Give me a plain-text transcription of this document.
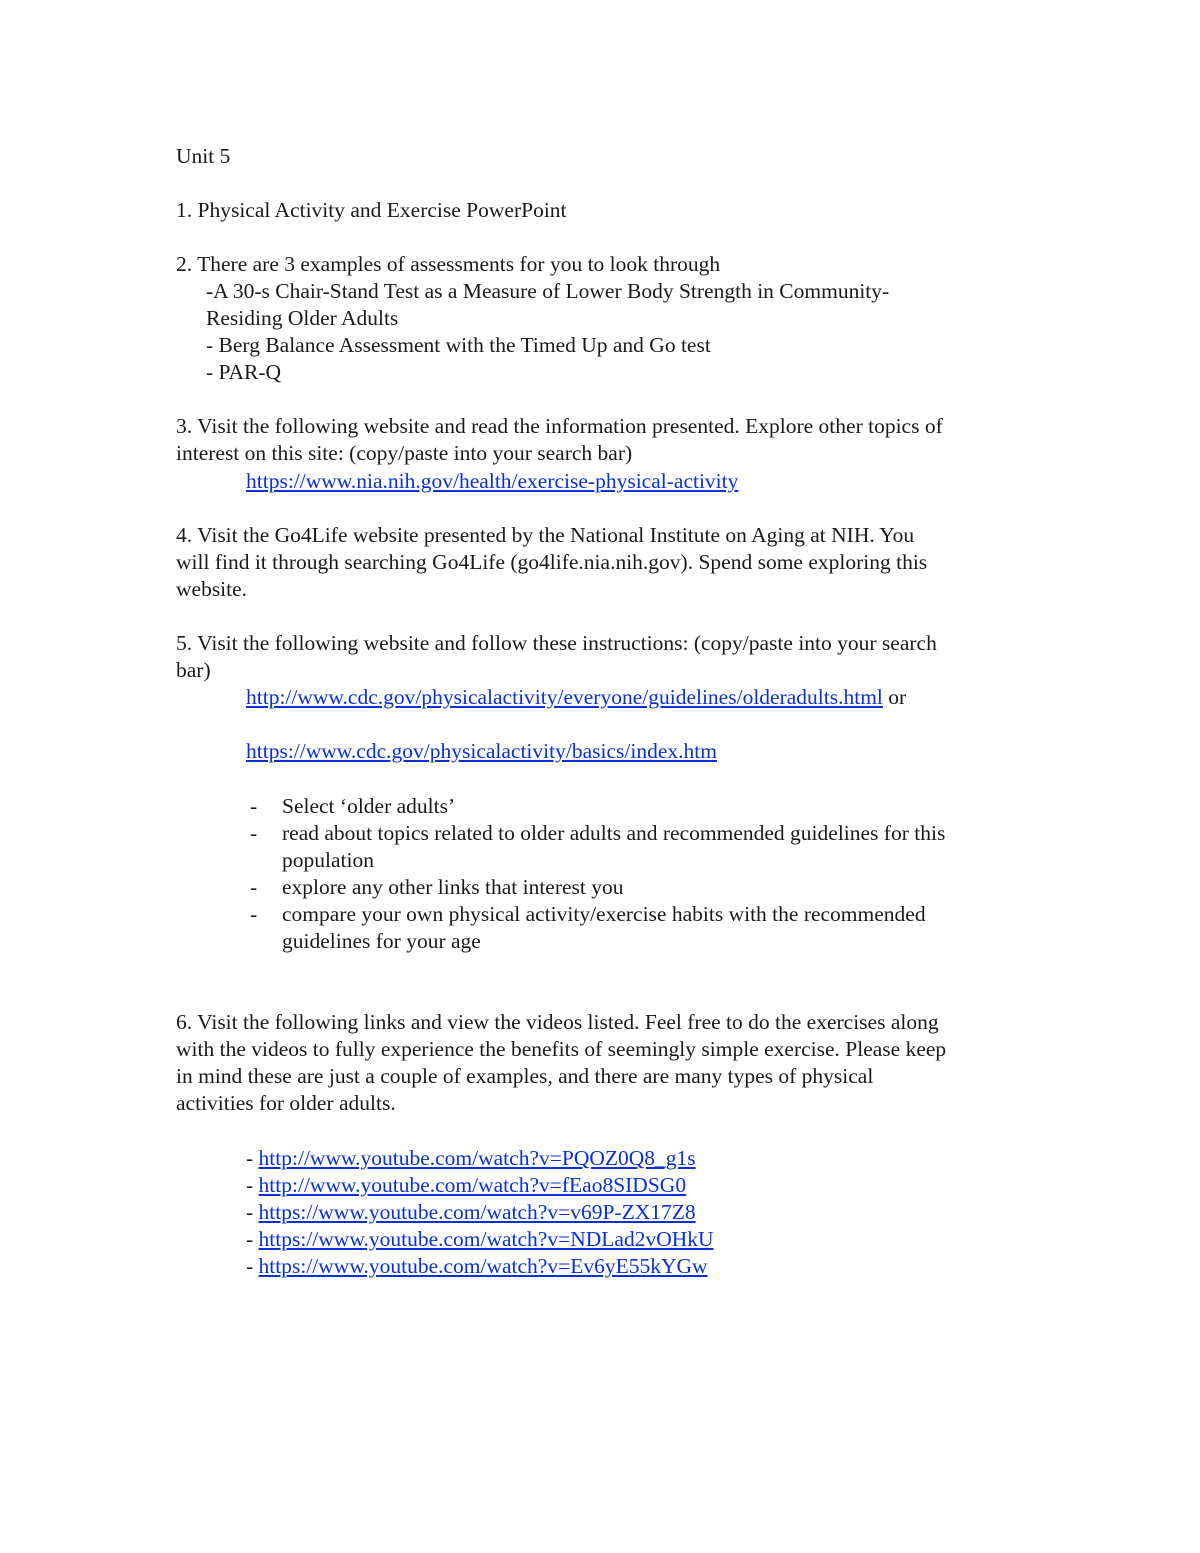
Unit 5
1. Physical Activity and Exercise PowerPoint
2. There are 3 examples of assessments for you to look through
-A 30-s Chair-Stand Test as a Measure of Lower Body Strength in Community-
Residing Older Adults
- Berg Balance Assessment with the Timed Up and Go test
- PAR-Q
3. Visit the following website and read the information presented. Explore other topics of
interest on this site: (copy/paste into your search bar)
https://www.nia.nih.gov/health/exercise-physical-activity
4. Visit the Go4Life website presented by the National Institute on Aging at NIH. You
will find it through searching Go4Life (go4life.nia.nih.gov). Spend some exploring this
website.
5. Visit the following website and follow these instructions: (copy/paste into your search
bar)
http://www.cdc.gov/physicalactivity/everyone/guidelines/olderadults.html or
https://www.cdc.gov/physicalactivity/basics/index.htm
- Select ‘older adults’
- read about topics related to older adults and recommended guidelines for this
population
- explore any other links that interest you
- compare your own physical activity/exercise habits with the recommended
guidelines for your age
6. Visit the following links and view the videos listed. Feel free to do the exercises along
with the videos to fully experience the benefits of seemingly simple exercise. Please keep
in mind these are just a couple of examples, and there are many types of physical
activities for older adults.
- http://www.youtube.com/watch?v=PQOZ0Q8_g1s
- http://www.youtube.com/watch?v=fEao8SIDSG0
- https://www.youtube.com/watch?v=v69P-ZX17Z8
- https://www.youtube.com/watch?v=NDLad2vOHkU
- https://www.youtube.com/watch?v=Ev6yE55kYGw
